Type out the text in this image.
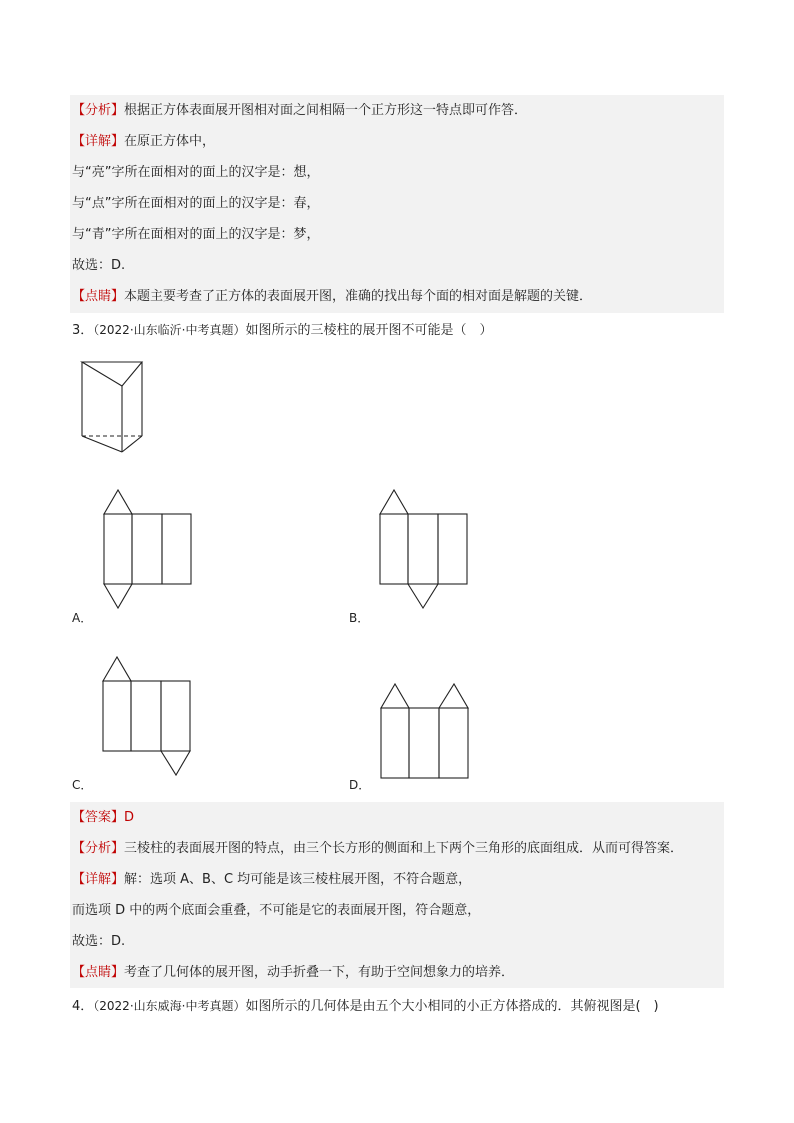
【分析】根据正方体表面展开图相对面之间相隔一个正方形这一特点即可作答．
【详解】在原正方体中，
与“亮”字所在面相对的面上的汉字是：想，
与“点”字所在面相对的面上的汉字是：春，
与“青”字所在面相对的面上的汉字是：梦，
故选：D.
【点睛】本题主要考查了正方体的表面展开图，准确的找出每个面的相对面是解题的关键．
3．（2022·山东临沂·中考真题）如图所示的三棱柱的展开图不可能是（　）
A．	B．
C．	D．
【答案】D
【分析】三棱柱的表面展开图的特点，由三个长方形的侧面和上下两个三角形的底面组成．从而可得答案．
【详解】解：选项 A、B、C 均可能是该三棱柱展开图，不符合题意，
而选项 D 中的两个底面会重叠，不可能是它的表面展开图，符合题意，
故选：D.
【点睛】考查了几何体的展开图，动手折叠一下，有助于空间想象力的培养．
4．（2022·山东威海·中考真题）如图所示的几何体是由五个大小相同的小正方体搭成的．其俯视图是(　)
